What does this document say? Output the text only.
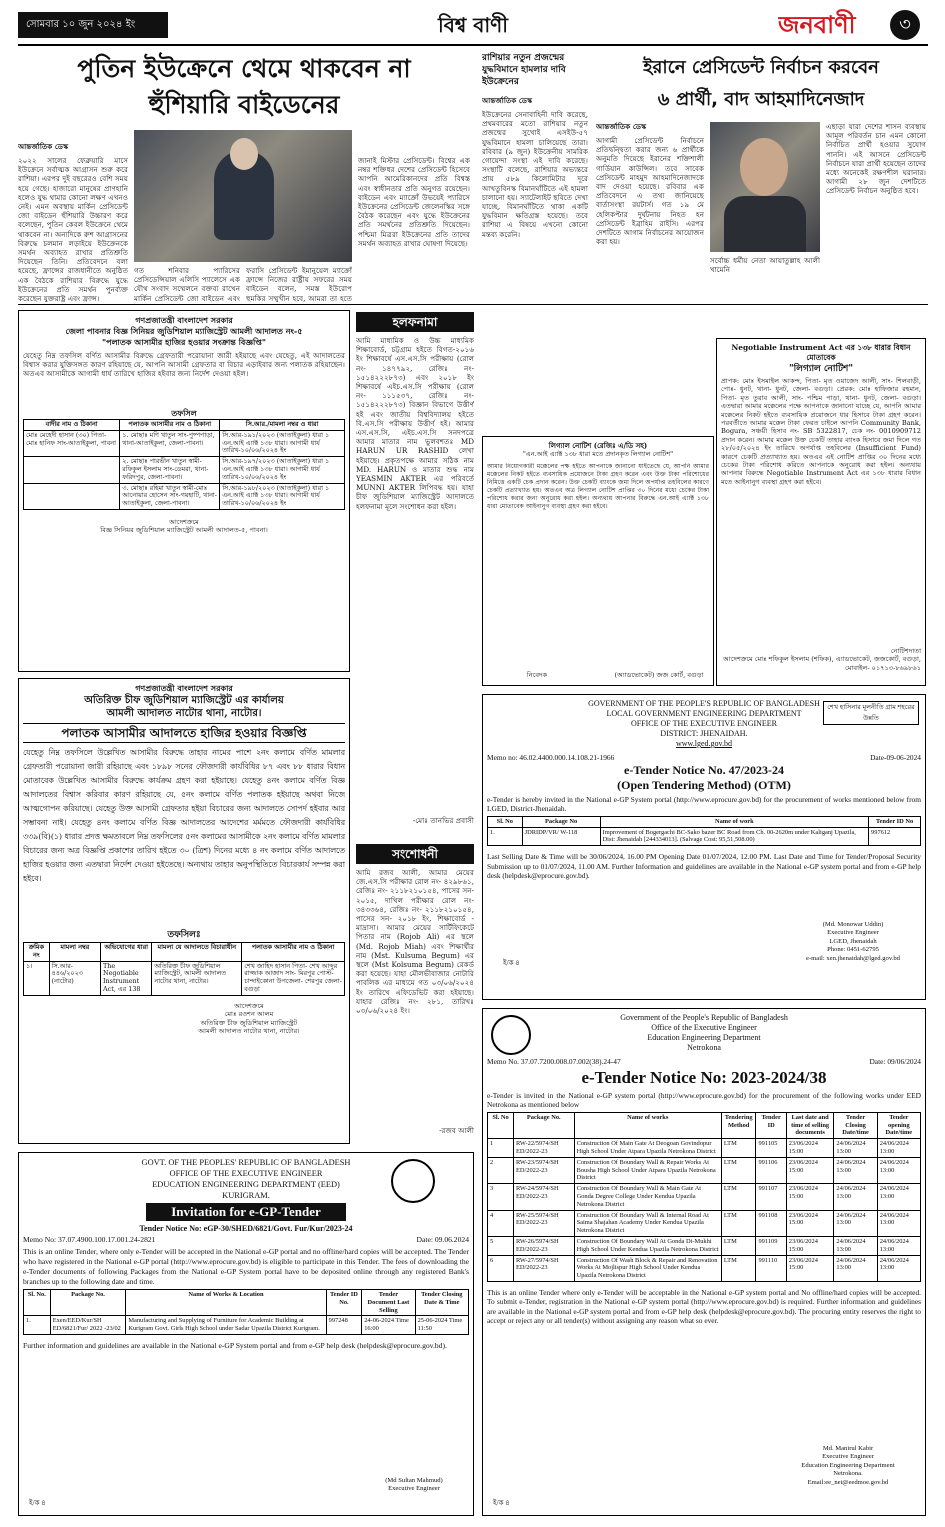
সোমবার ১০ জুন ২০২৪ ইং	বিশ্ব বাণী	জনবাণী	৩
পুতিন ইউক্রেনে থেমে থাকবেন না
হুঁশিয়ারি বাইডেনের
আন্তর্জাতিক ডেস্ক
২০২২ সালের ফেব্রুয়ারি মাসে ইউক্রেনে সর্বাত্মক আগ্রাসন শুরু করে রাশিয়া। এরপর দুই বছরেরও বেশি সময় হয়ে গেছে। হাজারো মানুষের প্রাণহানি হলেও যুদ্ধ থামার কোনো লক্ষণ এখনও নেই। এমন অবস্থায় মার্কিন প্রেসিডেন্ট জো বাইডেন হুঁশিয়ারি উচ্চারণ করে বলেছেন, পুতিন কেবল ইউক্রেনে থেমে থাকবেন না। অন্যদিকে রুশ আগ্রাসনের বিরুদ্ধে চলমান লড়াইয়ে ইউক্রেনকে সমর্থন অব্যাহত রাখার প্রতিশ্রুতি দিয়েছেন তিনি। প্রতিবেদনে বলা হয়েছে, ফ্রান্সের রাজধানীতে অনুষ্ঠিত এক বৈঠকে রাশিয়ার বিরুদ্ধে যুদ্ধে ইউক্রেনের প্রতি সমর্থন পুনর্ব্যক্ত করেছেন যুক্তরাষ্ট্র এবং ফ্রান্স।
জানাই মিস্টার প্রেসিডেন্ট। বিশ্বের এক নম্বর শক্তিধর দেশের প্রেসিডেন্ট হিসেবে আপনি আমেরিকানদের প্রতি বিশ্বস্ত এবং স্বাধীনতার প্রতি অনুগত রয়েছেন। বাইডেন এবং ম্যাক্রোঁ উভয়েই প্যারিসে ইউক্রেনের প্রেসিডেন্ট জেলেনস্কির সঙ্গে বৈঠক করেছেন এবং যুদ্ধে ইউক্রেনের প্রতি সমর্থনের প্রতিশ্রুতি দিয়েছেন। পশ্চিমা মিত্ররা ইউক্রেনের প্রতি তাদের সমর্থন অব্যাহত রাখার ঘোষণা দিয়েছে।
গত শনিবার প্যারিসের প্রেসিডেন্সিয়াল এলিসি প্যালেসে এক যৌথ সংবাদ সম্মেলনে বক্তব্য রাখেন মার্কিন প্রেসিডেন্ট জো বাইডেন এবং
ফরাসি প্রেসিডেন্ট ইমানুয়েল ম্যাক্রোঁ ফ্রান্সে নিজের রাষ্ট্রীয় সফরের সময় বাইডেন বলেন, সমস্ত ইউরোপ হুমকির সম্মুখীন হবে, আমরা তা হতে
রাশিয়ার নতুন প্রজন্মের যুদ্ধবিমানে হামলার দাবি ইউক্রেনের
আন্তর্জাতিক ডেস্ক
ইউক্রেনের সেনাবাহিনী দাবি করেছে, প্রথমবারের মতো রাশিয়ার নতুন প্রজন্মের সুখোই এসইউ-৫৭ যুদ্ধবিমানে হামলা চালিয়েছে তারা। রবিবার (৯ জুন) ইউক্রেনীয় সামরিক গোয়েন্দা সংস্থা এই দাবি করেছে। সংস্থাটি বলেছে, রাশিয়ার অভ্যন্তরে প্রায় ৫৮৯ কিলোমিটার দূরে আখতুবিনস্ক বিমানঘাঁটিতে এই হামলা চালানো হয়। স্যাটেলাইট ছবিতে দেখা যাচ্ছে, বিমানঘাঁটিতে থাকা একটি যুদ্ধবিমান ক্ষতিগ্রস্ত হয়েছে। তবে রাশিয়া এ বিষয়ে এখনো কোনো মন্তব্য করেনি।
ইরানে প্রেসিডেন্ট নির্বাচন করবেন
৬ প্রার্থী, বাদ আহমাদিনেজাদ
আন্তর্জাতিক ডেস্ক
আগামী প্রেসিডেন্ট নির্বাচনে প্রতিদ্বন্দ্বিতা করার জন্য ৬ প্রার্থীকে অনুমতি দিয়েছে ইরানের শক্তিশালী গার্ডিয়ান কাউন্সিল। তবে সাবেক প্রেসিডেন্ট মাহমুদ আহমাদিনেজাদকে বাদ দেওয়া হয়েছে। রবিবার এক প্রতিবেদনে এ তথ্য জানিয়েছে বার্তাসংস্থা রয়টার্স। গত ১৯ মে হেলিকপ্টার দুর্ঘটনায় নিহত হন প্রেসিডেন্ট ইব্রাহিম রাইসি। এরপর দেশটিতে আগাম নির্বাচনের আয়োজন করা হয়।
সর্বোচ্চ ধর্মীয় নেতা আয়াতুল্লাহ আলী খামেনি
এছাড়া যারা দেশের শাসন ব্যবস্থায় আমূল পরিবর্তন চান এমন কোনো নির্বাচিত প্রার্থী হওয়ার সুযোগ পাননি। এই আসনে প্রেসিডেন্ট নির্বাচনে যারা প্রার্থী হয়েছেন তাদের মধ্যে অনেকেই রক্ষণশীল ঘরানার। আগামী ২৮ জুন দেশটিতে প্রেসিডেন্ট নির্বাচন অনুষ্ঠিত হবে।
গণপ্রজাতন্ত্রী বাংলাদেশ সরকার
জেলা পাবনার বিজ্ঞ সিনিয়র জুডিশিয়াল ম্যাজিস্ট্রেট আমলী আদালত নং-৫
"পলাতক আসামীর হাজির হওয়ার সংক্রান্ত বিজ্ঞপ্তি"
যেহেতু নিম্ন তফসিল বর্ণিত আসামীর বিরুদ্ধে গ্রেফতারী পরোয়ানা জারী হইয়াছে এবং যেহেতু, এই আদালতের বিশ্বাস করার যুক্তিসঙ্গত কারণ রহিয়াছে যে, আপনি আসামী গ্রেফতার বা বিচার এড়াইবার জন্য পলাতক রহিয়াছেন। অতএব আসামীকে আগামী ধার্য তারিখে হাজির হইবার জন্য নির্দেশ দেওয়া হইল।
তফসিল
বাদীর নাম ও ঠিকানা	পলাতক আসামীর নাম ও ঠিকানা	সি.আর./মামলা নম্বর ও ধারা
মোঃ মেহেদী হাসান (৩০) পিতা-মোঃ হানিফ সাং-আতাইকুলা, পাবনা	১. মোছাঃ মণি খাতুন সাং-পুষ্পপাড়া, থানা-আতাইকুলা, জেলা-পাবনা।	সি.আর-১৯১/২০২৩ (আতাইকুলা) ধারা ১ এন.আই এ্যাক্ট ১৩৮ ধারা। আগামী ধার্য তারিখ-১০/০৬/২০২৪ ইং
	২. মোছাঃ পারভীন খাতুন স্বামী-রফিকুল ইসলাম সাং-ডেমরা, থানা-ফরিদপুর, জেলা-পাবনা।	সি.আর-১৯৭/২০২৩ (আতাইকুলা) ধারা ১ এন.আই এ্যাক্ট ১৩৮ ধারা। আগামী ধার্য তারিখ-১০/০৬/২০২৪ ইং
	৩. মোছাঃ রহিমা খাতুন স্বামী-মোঃ আনোয়ার হোসেন সাং-গয়হাটি, থানা-আতাইকুলা, জেলা-পাবনা।	সি.আর-১৯৮/২০২৩ (আতাইকুলা) ধারা ১ এন.আই এ্যাক্ট ১৩৮ ধারা। আগামী ধার্য তারিখ-১০/০৬/২০২৪ ইং
আদেশক্রমে
বিজ্ঞ সিনিয়র জুডিশিয়াল ম্যাজিস্ট্রেট আমলী আদালত-৫, পাবনা।
হলফনামা
আমি মাধ্যমিক ও উচ্চ মাধ্যমিক শিক্ষাবোর্ড, চট্টগ্রাম হইতে বিগত-২০১৬ ইং শিক্ষাবর্ষে এস.এস.সি পরীক্ষায় (রোল নং- ১৪৭৭৯২, রেজিঃ নং- ১৫১৪২২২৮৭৩) এবং ২০১৮ ইং শিক্ষাবর্ষে এইচ.এস.সি পরীক্ষায় (রোল নং- ১১১৫৩৭, রেজিঃ নং- ১৫১৪২২২৮৭৩) বিজ্ঞান বিভাগে উত্তীর্ণ হই এবং জাতীয় বিশ্ববিদ্যালয় হইতে বি.এস.সি পরীক্ষায় উত্তীর্ণ হই। আমার এস.এস.সি, এইচ.এস.সি সনদপত্রে আমার মাতার নাম ভুলবশতঃ MD HARUN UR RASHID লেখা হইয়াছে। প্রকৃতপক্ষে আমার সঠিক নাম MD. HARUN ও মাতার শুদ্ধ নাম YEASMIN AKTER এর পরিবর্তে MUNNI AKTER লিপিবদ্ধ হয়। যাহা চীফ জুডিশিয়াল ম্যাজিস্ট্রেট আদালতে হলফনামা মূলে সংশোধন করা হইল।
-মোঃ তানভির প্রবাসী
সংশোধনী
আমি রজব আলী, আমার মেয়ের জে.এস.সি পরীক্ষার রোল নং- ৪২৯৮৬১, রেজিঃ নং- ২১১৮২১০১৫৪, পাসের সন- ২০১৫, দাখিল পরীক্ষার রোল নং- ৩৪৩৩৬৪, রেজিঃ নং- ২১১৮২১০১৫৪, পাসের সন- ২০১৮ ইং, শিক্ষাবোর্ড - মাদ্রাসা। আমার মেয়ের সার্টিফিকেটে পিতার নাম (Rojob Ali) এর স্থলে (Md. Rojob Miah) এবং শিক্ষার্থীর নাম (Mst. Kulsuma Begum) এর স্থলে (Mst Kolsuma Begum) রেকর্ড করা হয়েছে। যাহা মৌলভীবাজার নোটারি পাবলিক এর মাধ্যমে গত ০৩/০৬/২০২৪ ইং তারিখে এফিডেভিট করা হইয়াছে। যাহার রেজিঃ নং- ২৮১, তারিখঃ ০৩/০৬/২০২৪ ইং।
-রজব আলী
লিগ্যাল নোটিশ (রেজিঃ এ/ডি সহ)
"এন.আই এ্যাক্ট ১৩৮ ধারা মতে প্রদানকৃত লিগ্যাল নোটিশ"
আমার নিয়োগকারী মক্কেলের পক্ষ হইতে আপনাকে জানানো যাইতেছে যে, আপনি আমার মক্কেলের নিকট হইতে ব্যবসায়িক প্রয়োজনে টাকা গ্রহণ করেন এবং উক্ত টাকা পরিশোধের নিমিত্তে একটি চেক প্রদান করেন। উক্ত চেকটি ব্যাংকে জমা দিলে অপর্যাপ্ত তহবিলের কারণে চেকটি প্রত্যাখ্যাত হয়। অতএব অত্র লিগ্যাল নোটিশ প্রাপ্তির ৩০ দিনের মধ্যে চেকের টাকা পরিশোধ করার জন্য অনুরোধ করা হইল। অন্যথায় আপনার বিরুদ্ধে এন.আই এ্যাক্ট ১৩৮ ধারা মোতাবেক আইনানুগ ব্যবস্থা গ্রহণ করা হইবে।
নিবেদক	(অ্যাডভোকেট) জজ কোর্ট, বগুড়া
Negotiable Instrument Act এর ১৩৮ ধারার বিধান মোতাবেক
"লিগ্যাল নোটিশ"
প্রাপক: মোঃ ইসমাইল আকন্দ, পিতা- মৃত ওয়াজেদ আলী, সাং- শিলবাড়ী, পোঃ- ধুনট, থানা- ধুনট, জেলা- বগুড়া। প্রেরক: মোঃ হাফিজার রহমান, পিতা- মৃত তুরাব আলী, সাং- পশ্চিম পাড়া, থানা- ধুনট, জেলা- বগুড়া। এতদ্বারা আমার মক্কেলের পক্ষে আপনাকে জানানো যাচ্ছে যে, আপনি আমার মক্কেলের নিকট হইতে ব্যবসায়িক প্রয়োজনে ধার হিসাবে টাকা গ্রহণ করেন। পরবর্তীতে আমার মক্কেল টাকা ফেরত চাইলে আপনি Community Bank, Bogura, সঞ্চয়ী হিসাব নং- SB 5322817, চেক নং- 0010909712 প্রদান করেন। আমার মক্কেল উক্ত চেকটি তাহার ব্যাংক হিসাবে জমা দিলে গত ২৮/০৫/২০২৪ ইং তারিখে অপর্যাপ্ত তহবিলের (Insufficient Fund) কারণে চেকটি প্রত্যাখ্যাত হয়। অতএব এই নোটিশ প্রাপ্তির ৩০ দিনের মধ্যে চেকের টাকা পরিশোধ করিতে আপনাকে অনুরোধ করা হইল। অন্যথায় আপনার বিরুদ্ধে Negotiable Instrument Act এর ১৩৮ ধারার বিধান মতে আইনানুগ ব্যবস্থা গ্রহণ করা হইবে।
নোটিশদাতা
আদেশক্রমে মোঃ শফিকুল ইসলাম (শফিক), এ্যাডভোকেট, জজকোর্ট, বগুড়া, মোবাইল- ০১৭১৩-৮৬৯৮৬১
গণপ্রজাতন্ত্রী বাংলাদেশ সরকার
অতিরিক্ত চীফ জুডিশিয়াল ম্যাজিস্ট্রেট এর কার্যালয়
আমলী আদালত নাটোর থানা, নাটোর।
পলাতক আসামীর আদালতে হাজির হওয়ার বিজ্ঞপ্তি
যেহেতু নিম্ন তফসিলে উল্লেখিত আসামীর বিরুদ্ধে তাহার নামের পাশে ২নং কলামে বর্ণিত মামলার গ্রেফতারী পরোয়ানা জারী রহিয়াছে এবং ১৮৯৮ সনের ফৌজদারী কার্যবিধির ৮৭ এবং ৮৮ ধারার বিধান মোতাবেক উল্লেখিত আসামীর বিরুদ্ধে কার্যক্রম গ্রহণ করা হইয়াছে। যেহেতু ৪নং কলামে বর্ণিত বিজ্ঞ আদালতের বিশ্বাস করিবার কারণ রহিয়াছে যে, ৫নং কলামে বর্ণিত পলাতক হইয়াছে অথবা নিজে আত্মগোপন করিয়াছে। যেহেতু উক্ত আসামী গ্রেফতার হইয়া বিচারের জন্য আদালতে সোপর্দ হইবার আর সম্ভাবনা নাই। যেহেতু ৪নং কলামে বর্ণিত বিজ্ঞ আদালতের আদেশের মর্মমতে ফৌজদারী কার্যবিধির ৩৩৯(বি)(১) ধারার প্রদত্ত ক্ষমতাবলে নিম্ন তফসিলের ৫নং কলামের আসামীকে ২নং কলামে বর্ণিত মামলার বিচারের জন্য অত্র বিজ্ঞপ্তি প্রকাশের তারিখ হইতে ৩০ (ত্রিশ) দিনের মধ্যে ৪ নং কলামে বর্ণিত আদালতে হাজির হওয়ার জন্য এতদ্বারা নির্দেশ দেওয়া হইতেছে। অন্যথায় তাহার অনুপস্থিতিতে বিচারকার্য সম্পন্ন করা হইবে।
তফসিলঃ
ক্রমিক নং	মামলা নম্বর	অভিযোগের ধারা	মামলা যে আদালতে বিচারাধীন	পলাতক আসামীর নাম ও ঠিকানা
১।	সি.আর- ৪৪৬/২০২৩ (নাটোর)	The Negotiable Instrument Act, এর 138	অতিরিক্ত চীফ জুডিশিয়াল ম্যাজিস্ট্রেট, আমলী আদালত নাটোর থানা, নাটোর।	শেখ জাহিদ হাসান পিতা- শেখ আব্দুর রাজ্জাক আজাদ সাং- মিরপুর পোস্ট- চান্দাইকোনা উপজেলা- শেরপুর জেলা- বগুড়া
আদেশক্রমে
মোঃ রওশন আলম
অতিরিক্ত চীফ জুডিশিয়াল ম্যাজিস্ট্রেট
আমলী আদালত নাটোর থানা, নাটোর।
GOVERNMENT OF THE PEOPLE'S REPUBLIC OF BANGLADESH
LOCAL GOVERNMENT ENGINEERING DEPARTMENT
OFFICE OF THE EXECUTIVE ENGINEER
DISTRICT: JHENAIDAH.
www.lged.gov.bd
শেখ হাসিনার মূলনীতি গ্রাম শহরের উন্নতি
Memo no: 46.02.4400.000.14.108.21-1966	Date-09-06-2024
e-Tender Notice No. 47/2023-24
(Open Tendering Method) (OTM)
e-Tender is hereby invited in the National e-GP System portal (http://www.eprocure.gov.bd) for the procurement of works mentioned below from LGED, District-Jhenaidah.
Sl. No	Package No	Name of work	Tender ID No
1.	JDRIDP/VR/ W-118	Improvement of Bogergachi BC-Sako bazer BC Road from Ch. 00-2620m under Kaliganj Upazila, Dist: Jhenaidah [244334013]. (Salvage Cost: 95,51,508.00)	997612
Last Selling Date & Time will be 30/06/2024, 16.00 PM Opening Date 01/07/2024, 12.00 PM. Last Date and Time for Tender/Proposal Security Submission up to 01/07/2024, 11.00 AM. Further Information and guidelines are available in the National e-GP system portal and from e-GP help desk (helpdesk@eprocure.gov.bd).
ই/ক ৪
(Md. Monowar Uddin)
Executive Engineer
LGED, Jhenaidah
Phone: 0451-62795
e-mail: xen.jhenaidah@lged.gov.bd
Government of the People's Republic of Bangladesh
Office of the Executive Engineer
Education Engineering Department
Netrokona
Memo No. 37.07.7200.008.07.002(38).24-47	Date: 09/06/2024
e-Tender Notice No: 2023-2024/38
e-Tender is invited in the National e-GP system portal (http://www.eprocure.gov.bd) for the procurement of the following works under EED Netrokona as mentioned below
Sl. No	Package No.	Name of works	Tendering Method	Tender ID	Last date and time of selling documents	Tender Closing Date/time	Tender opening Date/time
1	RW-22/5974/SH ED/2022-23	Construction Of Main Gate At Deogoan Govindopur High School Under Atpara Upazila Netrokona District	LTM	991105	23/06/2024 15:00	24/06/2024 13:00	24/06/2024 13:00
2	RW-23/5974/SH ED/2022-23	Construction Of Boundary Wall & Repair Works At Bousha High School Under Atpara Upazila Netrokona District	LTM	991106	23/06/2024 15:00	24/06/2024 13:00	24/06/2024 13:00
3	RW-24/5974/SH ED/2022-23	Construction Of Boundary Wall & Main Gate At Gonda Degree College Under Kendua Upazila Netrokona District	LTM	991107	23/06/2024 15:00	24/06/2024 13:00	24/06/2024 13:00
4	RW-25/5974/SH ED/2022-23	Construction Of Boundary Wall & Internal Road At Saima Shajahan Academy Under Kendua Upazila Netrokona District	LTM	991108	23/06/2024 15:00	24/06/2024 13:00	24/06/2024 13:00
5	RW-26/5974/SH ED/2022-23	Construction Of Boundary Wall At Gonda Di-Mukhi High School Under Kendua Upazila Netrokona District	LTM	991109	23/06/2024 15:00	24/06/2024 13:00	24/06/2024 13:00
6	RW-27/5974/SH ED/2022-23	Construction Of Wash Block & Repair and Renovation Works At Mojlispur High School Under Kendua Upazila Netrokona District	LTM	991110	23/06/2024 15:00	24/06/2024 13:00	24/06/2024 13:00
This is an online Tender where only e-Tender will be acceptable in the National e-GP system portal and No offline/hard copies will be accepted. To submit e-Tender, registration in the National e-GP system portal (http://www.eprocure.gov.bd) is required. Further information and guidelines are available in the National e-GP system portal and from e-GP help desk (helpdesk@eprocure.gov.bd). The procuring entity reserves the right to accept or reject any or all tender(s) without assigning any reason what so ever.
ই/ক ৪
Md. Manirul Kabir
Executive Engineer
Education Engineering Department
Netrokona.
Email:ee_net@eedmoe.gov.bd
GOVT. OF THE PEOPLES' REPUBLIC OF BANGLADESH
OFFICE OF THE EXECUTIVE ENGINEER
EDUCATION ENGINEERING DEPARTMENT (EED)
KURIGRAM.
Invitation for e-GP-Tender
Tender Notice No: eGP-30/SHED/6821/Govt. Fur/Kur/2023-24
Memo No: 37.07.4900.100.17.001.24-2821	Date: 09.06.2024
This is an online Tender, where only e-Tender will be accepted in the National e-GP portal and no offline/hard copies will be accepted. The Tender who have registered in the National e-GP portal (http://www.eprocure.gov.bd) is eligible to participate in this Tender. The fees of downloading the e-Tender documents of following Packages from the National e-GP System portal have to be deposited online through any registered Bank's branches up to the following date and time.
Sl. No.	Package No.	Name of Works & Location	Tender ID No.	Tender Document Last Selling	Tender Closing Date & Time
1.	Exen/EED/Kur/SH ED/6821/Fur/ 2022 -23/02	Manufacturing and Supplying of Furniture for Academic Building at Kurigram Govt. Girls High School under Sadar Upazila District Kurigram.	997248	24-06-2024 Time 16:00	25-06-2024 Time 11:50
Further information and guidelines are available in the National e-GP System portal and from e-GP help desk (helpdesk@eprocure.gov.bd).
ই/ক ৪
(Md Sultan Mahmud)
Executive Engineer
